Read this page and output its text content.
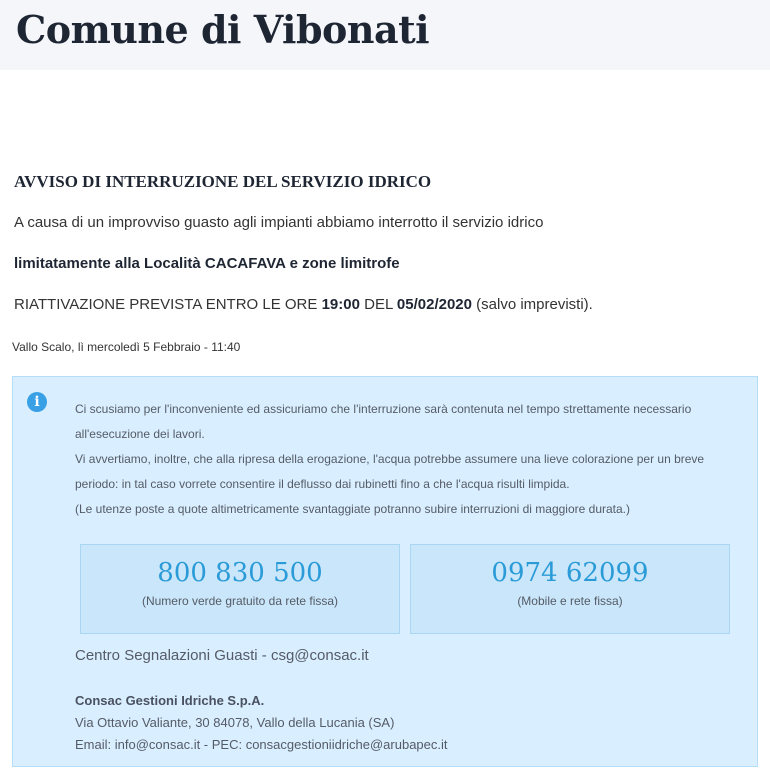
Comune di Vibonati
AVVISO DI INTERRUZIONE DEL SERVIZIO IDRICO

A causa di un improvviso guasto agli impianti abbiamo interrotto il servizio idrico

limitatamente alla Località CACAFAVA e zone limitrofe

RIATTIVAZIONE PREVISTA ENTRO LE ORE 19:00 DEL 05/02/2020 (salvo imprevisti).

Vallo Scalo, lì mercoledì 5 Febbraio - 11:40

i	Ci scusiamo per l'inconveniente ed assicuriamo che l'interruzione sarà contenuta nel tempo strettamente necessario
all'esecuzione dei lavori.
Vi avvertiamo, inoltre, che alla ripresa della erogazione, l'acqua potrebbe assumere una lieve colorazione per un breve
periodo: in tal caso vorrete consentire il deflusso dai rubinetti fino a che l'acqua risulti limpida.
(Le utenze poste a quote altimetricamente svantaggiate potranno subire interruzioni di maggiore durata.)

800 830 500
(Numero verde gratuito da rete fissa)
0974 62099
(Mobile e rete fissa)

Centro Segnalazioni Guasti - csg@consac.it

Consac Gestioni Idriche S.p.A.
Via Ottavio Valiante, 30 84078, Vallo della Lucania (SA)
Email: info@consac.it - PEC: consacgestioniidriche@arubapec.it
